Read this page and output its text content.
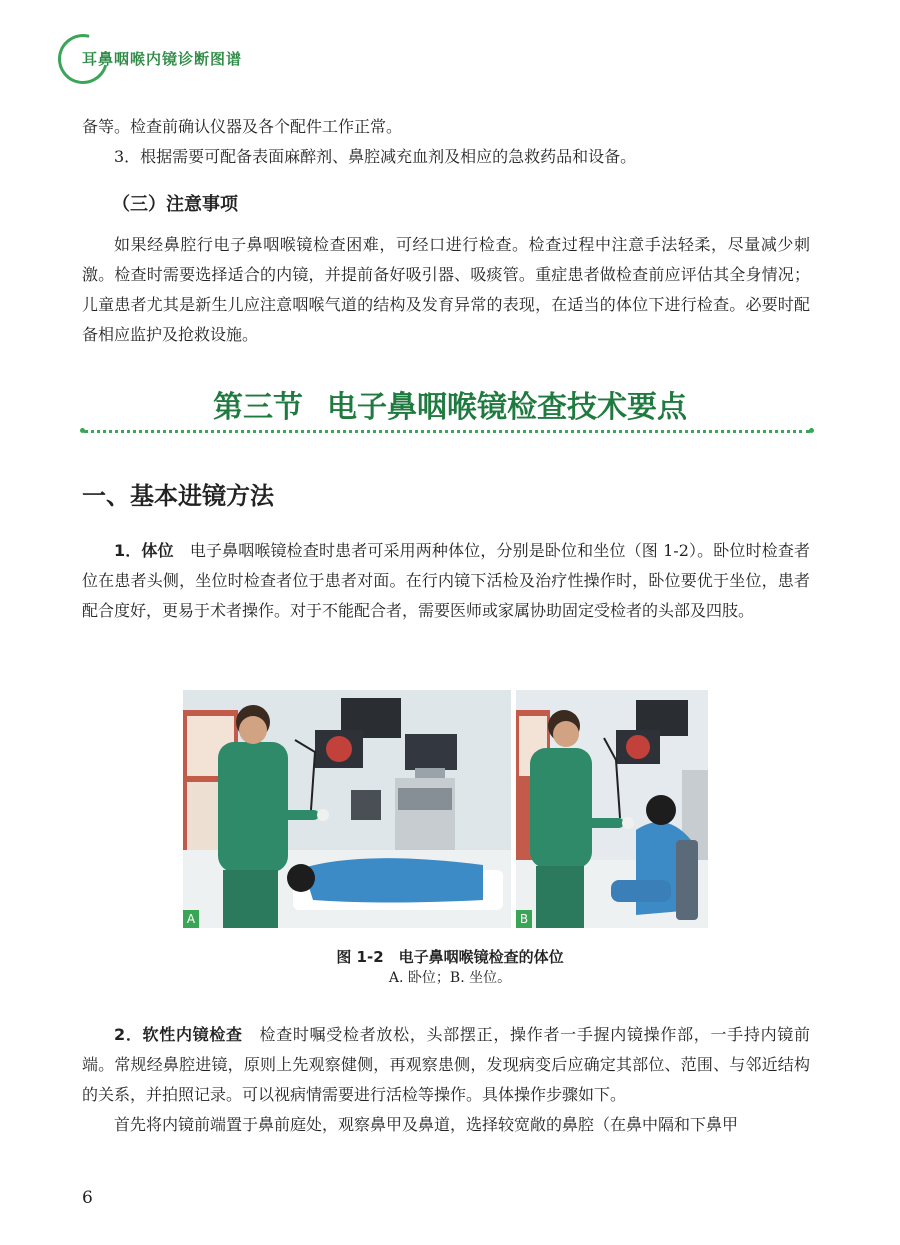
耳鼻咽喉内镜诊断图谱

备等。检查前确认仪器及各个配件工作正常。

3．根据需要可配备表面麻醉剂、鼻腔减充血剂及相应的急救药品和设备。

（三）注意事项

如果经鼻腔行电子鼻咽喉镜检查困难，可经口进行检查。检查过程中注意手法轻柔，尽量减少刺激。检查时需要选择适合的内镜，并提前备好吸引器、吸痰管。重症患者做检查前应评估其全身情况；儿童患者尤其是新生儿应注意咽喉气道的结构及发育异常的表现，在适当的体位下进行检查。必要时配备相应监护及抢救设施。

第三节 电子鼻咽喉镜检查技术要点
一、基本进镜方法

1．体位　 电子鼻咽喉镜检查时患者可采用两种体位，分别是卧位和坐位（图 1-2）。卧位时检查者位在患者头侧，坐位时检查者位于患者对面。在行内镜下活检及治疗性操作时，卧位要优于坐位，患者配合度好，更易于术者操作。对于不能配合者，需要医师或家属协助固定受检者的头部及四肢。

A	B
图 1-2　电子鼻咽喉镜检查的体位
A. 卧位；B. 坐位。

2．软性内镜检查　 检查时嘱受检者放松，头部摆正，操作者一手握内镜操作部，一手持内镜前端。常规经鼻腔进镜，原则上先观察健侧，再观察患侧，发现病变后应确定其部位、范围、与邻近结构的关系，并拍照记录。可以视病情需要进行活检等操作。具体操作步骤如下。

首先将内镜前端置于鼻前庭处，观察鼻甲及鼻道，选择较宽敞的鼻腔（在鼻中隔和下鼻甲

6
